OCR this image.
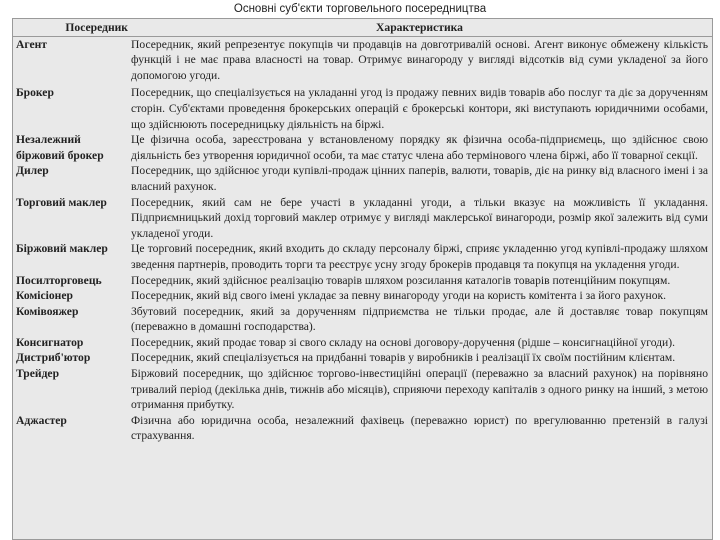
Основні суб'єкти торговельного посередництва
Посередник	Характеристика
Агент	Посередник, який репрезентує покупців чи продавців на довготривалій основі. Агент виконує обмежену кількість функцій і не має права власності на товар. Отримує винагороду у вигляді відсотків від суми укладеної за його допомогою угоди.
Брокер	Посередник, що спеціалізується на укладанні угод із продажу певних видів товарів або послуг та діє за дорученням сторін. Суб'єктами проведення брокерських операцій є брокерські контори, які виступають юридичними особами, що здійснюють посередницьку діяльність на біржі.
Незалежний біржовий брокер	Це фізична особа, зареєстрована у встановленому порядку як фізична особа-підприємець, що здійснює свою діяльність без утворення юридичної особи, та має статус члена або термінового члена біржі, або її товарної секції.
Дилер	Посередник, що здійснює угоди купівлі-продаж цінних паперів, валюти, товарів, діє на ринку від власного імені і за власний рахунок.
Торговий маклер	Посередник, який сам не бере участі в укладанні угоди, а тільки вказує на можливість її укладання. Підприємницький дохід торговий маклер отримує у вигляді маклерської винагороди, розмір якої залежить від суми укладеної угоди.
Біржовий маклер	Це торговий посередник, який входить до складу персоналу біржі, сприяє укладенню угод купівлі-продажу шляхом зведення партнерів, проводить торги та реєструє усну згоду брокерів продавця та покупця на укладення угоди.
Посилторговець	Посередник, який здійснює реалізацію товарів шляхом розсилання каталогів товарів потенційним покупцям.
Комісіонер	Посередник, який від свого імені укладає за певну винагороду угоди на користь комітента і за його рахунок.
Комівояжер	Збутовий посередник, який за дорученням підприємства не тільки продає, але й доставляє товар покупцям (переважно в домашні господарства).
Консигнатор	Посередник, який продає товар зі свого складу на основі договору-доручення (рідше – консигнаційної угоди).
Дистриб'ютор	Посередник, який спеціалізується на придбанні товарів у виробників і реалізації їх своїм постійним клієнтам.
Трейдер	Біржовий посередник, що здійснює торгово-інвестиційні операції (переважно за власний рахунок) на порівняно тривалий період (декілька днів, тижнів або місяців), сприяючи переходу капіталів з одного ринку на інший, з метою отримання прибутку.
Аджастер	Фізична або юридична особа, незалежний фахівець (переважно юрист) по врегулюванню претензій в галузі страхування.
